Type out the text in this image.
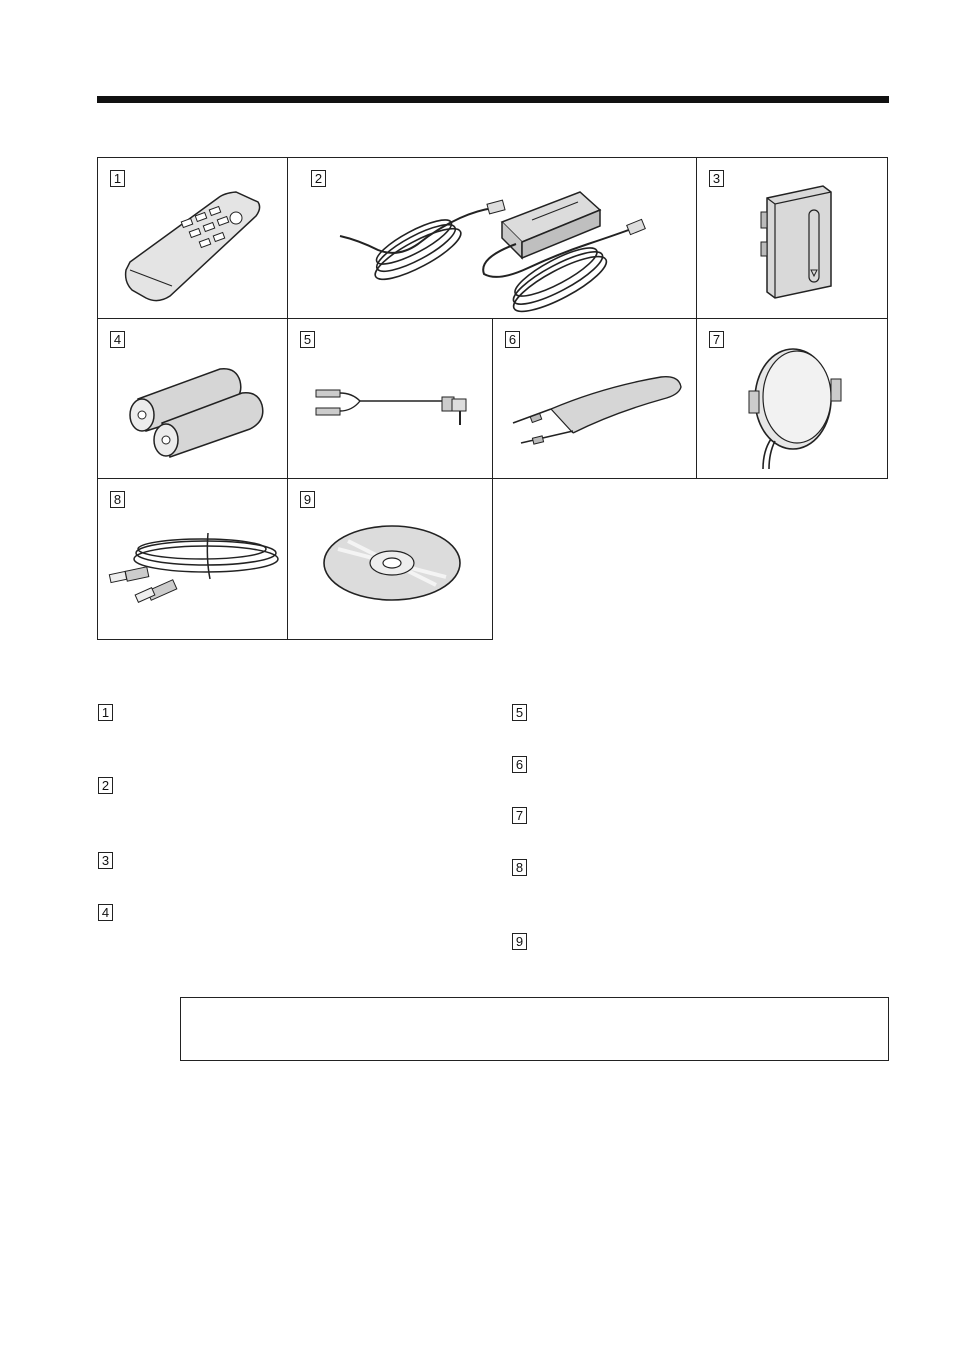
1	2	3
4	5	6	7
8	9
1
2
3
4
5
6
7
8
9
